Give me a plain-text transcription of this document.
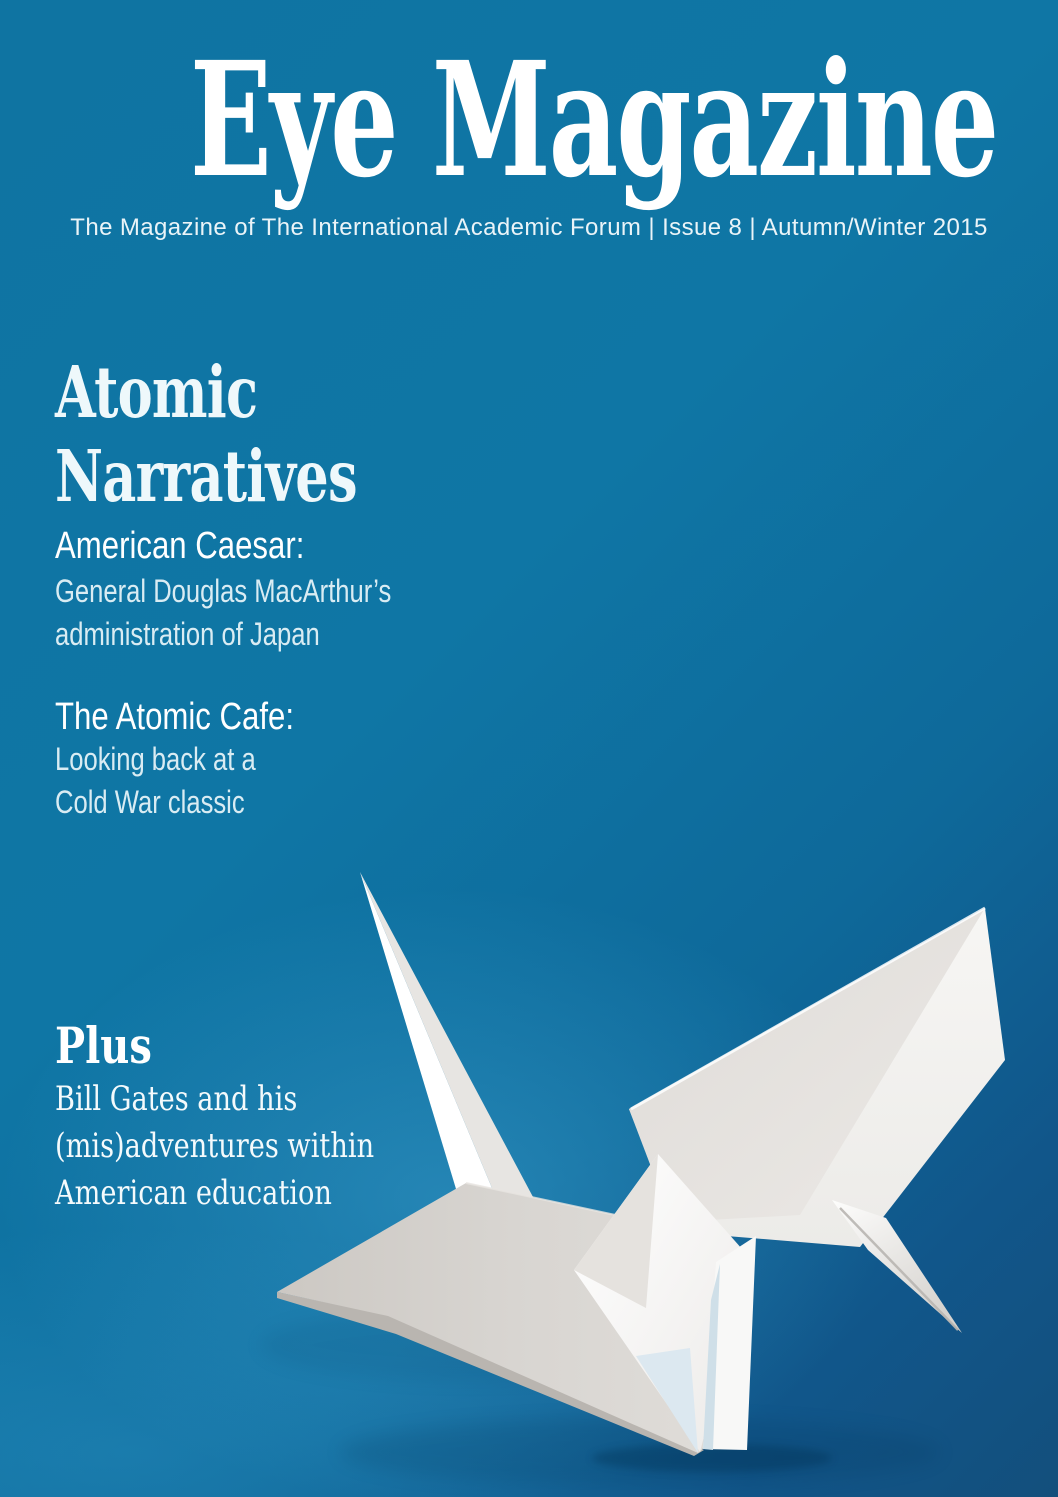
Eye Magazine
The Magazine of The International Academic Forum | Issue 8 | Autumn/Winter 2015
Atomic
Narratives
American Caesar:
General Douglas MacArthur’s
administration of Japan
The Atomic Cafe:
Looking back at a
Cold War classic
Plus
Bill Gates and his
(mis)adventures within
American education
